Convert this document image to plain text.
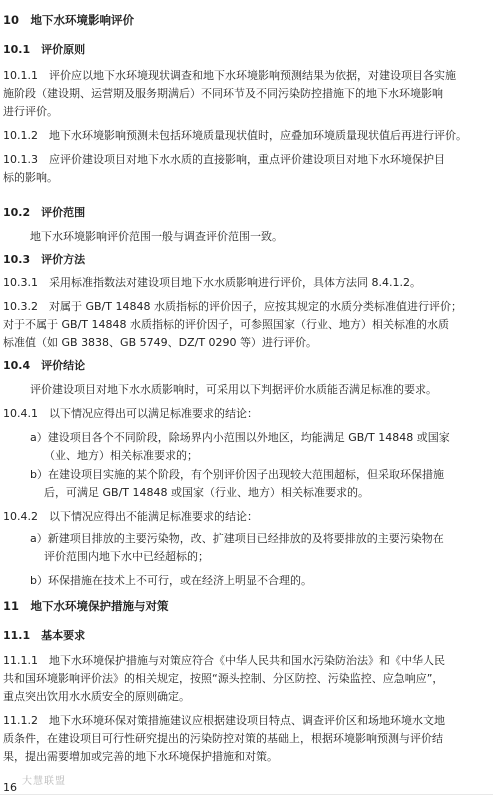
10　地下水环境影响评价
10.1　评价原则
10.1.1　评价应以地下水环境现状调查和地下水环境影响预测结果为依据，对建设项目各实施
施阶段（建设期、运营期及服务期满后）不同环节及不同污染防控措施下的地下水环境影响
进行评价。
10.1.2　地下水环境影响预测未包括环境质量现状值时，应叠加环境质量现状值后再进行评价。
10.1.3　应评价建设项目对地下水水质的直接影响，重点评价建设项目对地下水环境保护目
标的影响。
10.2　评价范围
地下水环境影响评价范围一般与调查评价范围一致。
10.3　评价方法
10.3.1　采用标准指数法对建设项目地下水水质影响进行评价，具体方法同 8.4.1.2。
10.3.2　对属于 GB/T 14848 水质指标的评价因子，应按其规定的水质分类标准值进行评价；
对于不属于 GB/T 14848 水质指标的评价因子，可参照国家（行业、地方）相关标准的水质
标准值（如 GB 3838、GB 5749、DZ/T 0290 等）进行评价。
10.4　评价结论
评价建设项目对地下水水质影响时，可采用以下判据评价水质能否满足标准的要求。
10.4.1　以下情况应得出可以满足标准要求的结论：
a）建设项目各个不同阶段，除场界内小范围以外地区，均能满足 GB/T 14848 或国家
（业、地方）相关标准要求的；
b）在建设项目实施的某个阶段，有个别评价因子出现较大范围超标，但采取环保措施
后，可满足 GB/T 14848 或国家（行业、地方）相关标准要求的。
10.4.2　以下情况应得出不能满足标准要求的结论：
a）新建项目排放的主要污染物，改、扩建项目已经排放的及将要排放的主要污染物在
评价范围内地下水中已经超标的；
b）环保措施在技术上不可行，或在经济上明显不合理的。
11　地下水环境保护措施与对策
11.1　基本要求
11.1.1　地下水环境保护措施与对策应符合《中华人民共和国水污染防治法》和《中华人民
共和国环境影响评价法》的相关规定，按照“源头控制、分区防控、污染监控、应急响应”，
重点突出饮用水水质安全的原则确定。
11.1.2　地下水环境环保对策措施建议应根据建设项目特点、调查评价区和场地环境水文地
质条件，在建设项目可行性研究提出的污染防控对策的基础上，根据环境影响预测与评价结
果，提出需要增加或完善的地下水环境保护措施和对策。
大慧联盟
16
